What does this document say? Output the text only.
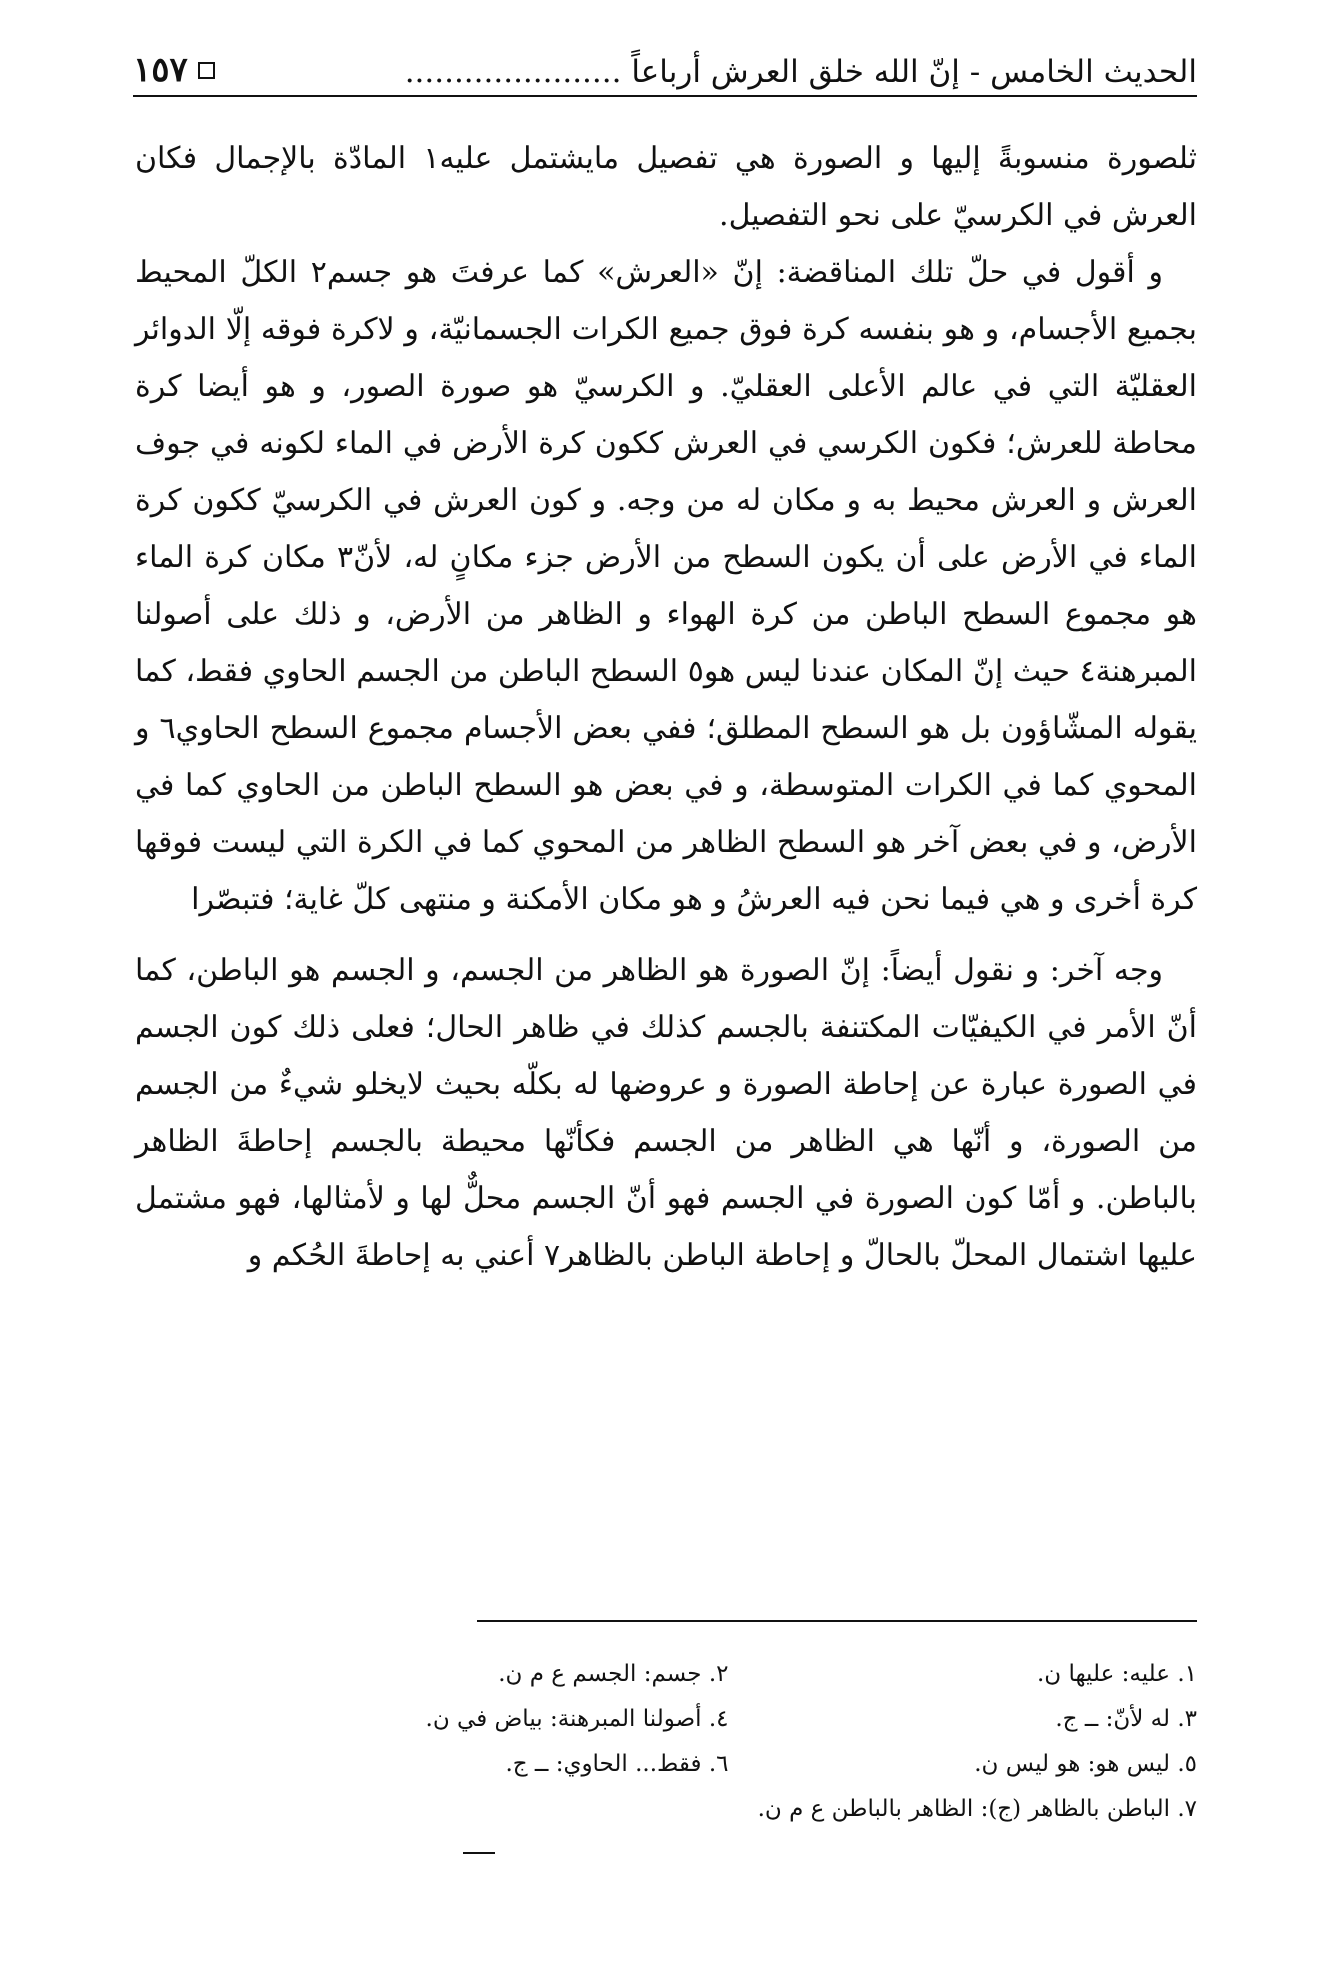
الحديث الخامس - إنّ الله خلق العرش أرباعاً ......................
١٥٧

ثلصورة منسوبةً إليها و الصورة هي تفصيل مايشتمل عليه١ المادّة بالإجمال فكان العرش في الكرسيّ على نحو التفصيل.

و أقول في حلّ تلك المناقضة: إنّ «العرش» كما عرفتَ هو جسم٢ الكلّ المحيط بجميع الأجسام، و هو بنفسه كرة فوق جميع الكرات الجسمانيّة، و لاكرة فوقه إلّا الدوائر العقليّة التي في عالم الأعلى العقليّ. و الكرسيّ هو صورة الصور، و هو أيضا كرة محاطة للعرش؛ فكون الكرسي في العرش ككون كرة الأرض في الماء لكونه في جوف العرش و العرش محيط به و مكان له من وجه. و كون العرش في الكرسيّ ككون كرة الماء في الأرض على أن يكون السطح من الأرض جزء مكانٍ له، لأنّ٣ مكان كرة الماء هو مجموع السطح الباطن من كرة الهواء و الظاهر من الأرض، و ذلك على أصولنا المبرهنة٤ حيث إنّ المكان عندنا ليس هو٥ السطح الباطن من الجسم الحاوي فقط، كما يقوله المشّاؤون بل هو السطح المطلق؛ ففي بعض الأجسام مجموع السطح الحاوي٦ و المحوي كما في الكرات المتوسطة، و في بعض هو السطح الباطن من الحاوي كما في الأرض، و في بعض آخر هو السطح الظاهر من المحوي كما في الكرة التي ليست فوقها كرة أخرى و هي فيما نحن فيه العرشُ و هو مكان الأمكنة و منتهى كلّ غاية؛ فتبصّرا

وجه آخر: و نقول أيضاً: إنّ الصورة هو الظاهر من الجسم، و الجسم هو الباطن، كما أنّ الأمر في الكيفيّات المكتنفة بالجسم كذلك في ظاهر الحال؛ فعلى ذلك كون الجسم في الصورة عبارة عن إحاطة الصورة و عروضها له بكلّه بحيث لايخلو شيءٌ من الجسم من الصورة، و أنّها هي الظاهر من الجسم فكأنّها محيطة بالجسم إحاطةَ الظاهر بالباطن. و أمّا كون الصورة في الجسم فهو أنّ الجسم محلٌّ لها و لأمثالها، فهو مشتمل عليها اشتمال المحلّ بالحالّ و إحاطة الباطن بالظاهر٧ أعني به إحاطةَ الحُكم و

١. عليه: عليها ن.
٢. جسم: الجسم ع م ن.
٣. له لأنّ: ــ ج.
٤. أصولنا المبرهنة: بياض في ن.
٥. ليس هو: هو ليس ن.
٦. فقط... الحاوي: ــ ج.
٧. الباطن بالظاهر (ج): الظاهر بالباطن ع م ن.
